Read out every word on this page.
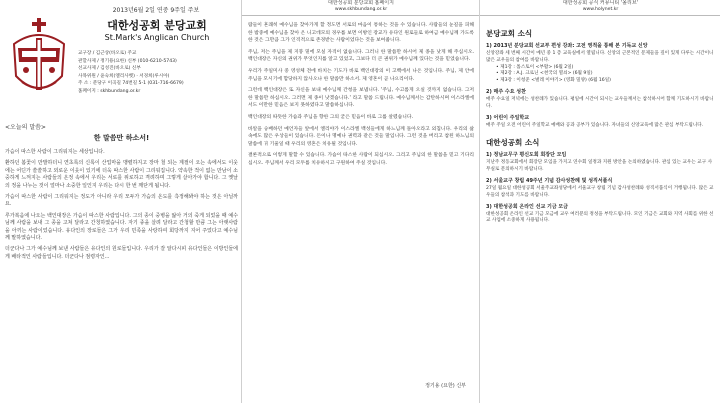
2013년6월 2일 연중 9주일 주보
대한성공회 분당교회
St.Mark's Anglican Church
교구장 / 김근상(바오로) 주교
관할사제 / 정기용(요한) 신부 (010-6210-5743)
선교사제 / 김성진(바오로) 신부
사목위원 / 윤숙희(엘리사벳) · 서경희(루시아)
주 소 : 분당구 이곡길 74번길 5-1 (031-716-6679)
홈페이지 : skhbundang.or.kr
<오늘의 말씀>
한 말씀만 하소서!

가슴이 따스한 사람이 그리워지는 세상입니다.

환하던 봄꽃이 만발하더니 연초록의 신록이 산업마을 맹렬하지고 장마 철 되는 계절이 오는 속에서도 이웃에는 어딘가 쓸쓸하고 외로운 이웃이 있기에 더욱 따스한 사람이 그리워집니다. 약속한 적이 없는 만남이 소중하게 느껴지는 사람들의 온정 속에서 우리는 서로를 위로하고 격려하며 그렇게 살아가야 합니다. 그 옛날의 정을 나누는 것이 얼마나 소중한 일인지 우리는 다시 한 번 깨닫게 됩니다.

가슴이 따스한 사람이 그리워지는 정도가 아니라 우리 모두가 가슴의 온도를 측정해봐야 하는 것은 아닐까요.

루가복음에 나오는 백인대장은 가슴이 따스한 사람입니다. 그의 종이 중병을 앓아 거의 죽게 되었을 때 예수님께 사람을 보내 그 종을 고쳐 달라고 간청하였습니다. 자기 종을 살려 달라고 간청할 만큼 그는 아랫사람을 아끼는 사람이었습니다. 유다인의 장로들은 그가 우리 민족을 사랑하여 회당까지 지어 주었다고 예수님께 말하였습니다.

더군다나 그가 예수님께 보낸 사람들은 유다인의 원로들입니다. 우리가 잘 알다시피 유다인들은 이방인들에게 배타적인 사람들입니다. 더군다나 점령자인...

대한성공회 분당교회 홈페이지
www.skhbundang.or.kr

람들이 흔쾌히 예수님을 찾아가게 할 정도면 서로의 마음이 통하는 것을 수 있습니다. 사람들의 눈길을 피해 한 밤중에 예수님을 찾아 온 니고데모의 경우를 보면 이방인 장교가 유다인 원로들로 하여금 예수님께 가도록 한 것은 그만큼 그가 인격적으로 존경받는 사람이었다는 것을 보여줍니다.

주님, 저는 주님을 제 지붕 밑에 모실 자격이 없습니다. 그러니 한 말씀만 하시어 제 종을 낫게 해 주십시오. 백인대장은 자신의 권위가 무엇인지를 알고 있었고, 그보다 더 큰 권위가 예수님께 있다는 것을 믿었습니다.

우리가 주일미사 중 영성체 전에 바치는 기도가 바로 백인대장의 이 고백에서 나온 것입니다. 주님, 제 안에 주님을 모시기에 합당하지 않사오나 한 말씀만 하소서. 제 영혼이 곧 나으리이다.

그런데 백인대장은 또 자신을 보내 예수님께 간청을 보냅니다. '주님, 수고롭게 오실 것까지 없습니다. 그저 한 말씀만 하십시오. 그러면 제 종이 낫겠습니다.' 라고 말씀 드립니다. 예수님께서는 감탄하시며 이스라엘에서도 이만한 믿음은 보지 못하였다고 말씀하십니다.

백인대장의 따뜻한 가슴과 주님을 향한 그의 굳은 믿음이 바로 그를 살렸습니다.

바알을 숭배하던 예언자들 앞에서 엘리야가 이스라엘 백성들에게 하느님께 돌아오라고 외칩니다. 우리의 삶 속에도 많은 우상들이 있습니다. 돈이나 명예나 권력과 같은 것들 말입니다. 그런 것을 버리고 참된 하느님의 말씀에 귀 기울일 때 우리의 영혼은 치유될 것입니다.

결론적으로 이렇게 말할 수 있습니다. 가슴이 따스한 사람이 되십시오. 그리고 주님의 한 말씀을 믿고 기다리십시오. 주님께서 우리 모두를 치유하시고 구원하여 주실 것입니다.

정기용 (요한) 신부
대한성공회 공식 커뮤니티 '올리브'
www.holynet.kr
분당교회 소식
1) 2013년 분당교회 선교부 편성 강좌: 고전 영적을 통해 본 기독교 신앙

신앙강좌 세 번째 시간이 예년 중 1 층 교육실에서 열립니다. 신앙의 근본적인 문제들을 깊이 있게 다루는 시간이니 많은 교우들의 참여를 바랍니다.

• 제1강 : 톨스토이 <부활> (6월 2일)

• 제2강 : A.J. 크로닌 <천국의 열쇠> (6월 9일)

• 제3강 : 이청준 <벌레 이야기> (영화 밀양) (6월 16일)

2) 매주 수요 성찬

매주 수요일 저녁에는 성찬례가 있습니다. 평일에 시간이 되시는 교우들께서는 참석하시어 함께 기도하시기 바랍니다.

3) 어린이 주일학교

매주 주일 오전 어린이 주일학교 예배와 공과 공부가 있습니다. 자녀들의 신앙교육에 많은 관심 부탁드립니다.

대한성공회 소식
1) 정남교무구 평신도회 회장단 모임

지난주 정동교회에서 회장단 모임을 가지고 연수회 일정과 지원 방안을 논의하였습니다. 관심 있는 교우는 교구 사무실로 문의하시기 바랍니다.

2) 서울교구 창립 49주년 기념 감사성찬례 및 성직서품식

27일 월요일 대한성공회 서울주교좌성당에서 서울교구 창립 기념 감사성찬례와 성직서품식이 거행됩니다. 많은 교우들의 참석과 기도를 바랍니다.

3) 대한성공회 온라인 선교 기금 모금

대한성공회 온라인 선교 기금 모금에 교우 여러분의 정성을 부탁드립니다. 모인 기금은 교회와 지역 사회를 위한 선교 사업에 소중하게 사용됩니다.
